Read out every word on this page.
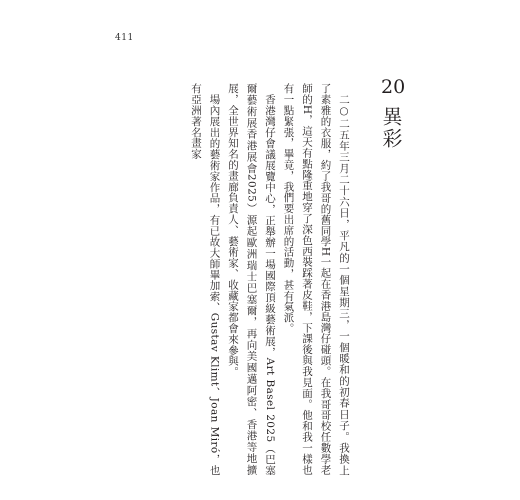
411
20
異彩

二○二五年三月二十六日，平凡的一個星期三，一個暖和的初春日子。我換上了素雅的衣服，約了我哥的舊同學H一起在香港島灣仔碰頭。在我哥哥校任數學老師的H，這天有點隆重地穿了深色西裝踩著皮鞋，下課後與我見面。他和我一樣也有一點緊張，畢竟，我們要出席的活動，甚有氣派。

香港灣仔會議展覽中心，正舉辦一場國際頂級藝術展，Art Basel 2025（巴塞爾藝術展香港展會2025）源起歐洲瑞士巴塞爾，再向美國邁阿密、香港等地擴展，全世界知名的畫廊負責人、藝術家、收藏家都會來參與。

場內展出的藝術家作品，有已故大師畢加索、Gustav Klimt、Joan Miró，也有亞洲著名畫家
